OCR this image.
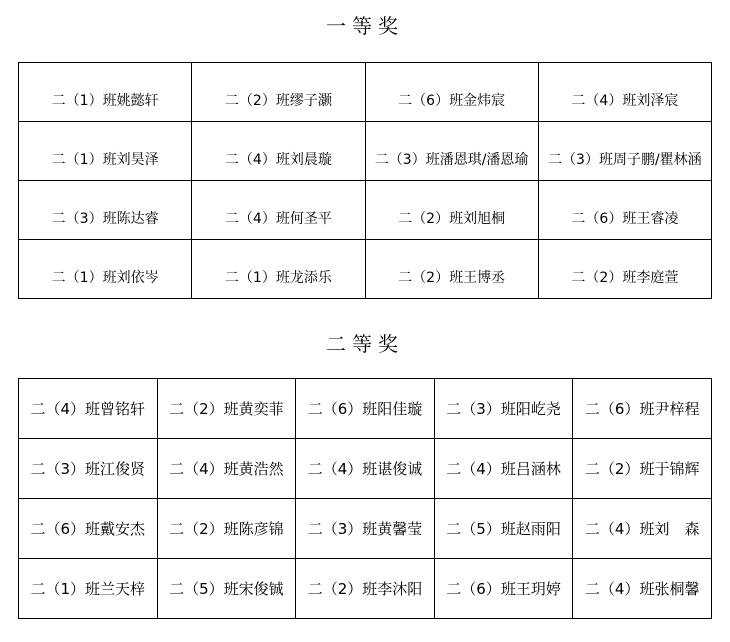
一等奖
二（1）班姚懿轩	二（2）班缪子灏	二（6）班金炜宸	二（4）班刘泽宸
二（1）班刘昊泽	二（4）班刘晨璇	二（3）班潘恩琪/潘恩瑜	二（3）班周子鹏/瞿林涵
二（3）班陈达睿	二（4）班何圣平	二（2）班刘旭桐	二（6）班王睿凌
二（1）班刘依岑	二（1）班龙添乐	二（2）班王博丞	二（2）班李庭萱
二等奖
二（4）班曾铭轩	二（2）班黄奕菲	二（6）班阳佳璇	二（3）班阳屹尧	二（6）班尹梓程
二（3）班江俊贤	二（4）班黄浩然	二（4）班谌俊诚	二（4）班吕涵林	二（2）班于锦辉
二（6）班戴安杰	二（2）班陈彦锦	二（3）班黄馨莹	二（5）班赵雨阳	二（4）班刘　森
二（1）班兰天梓	二（5）班宋俊铖	二（2）班李沐阳	二（6）班王玥婷	二（4）班张桐馨
